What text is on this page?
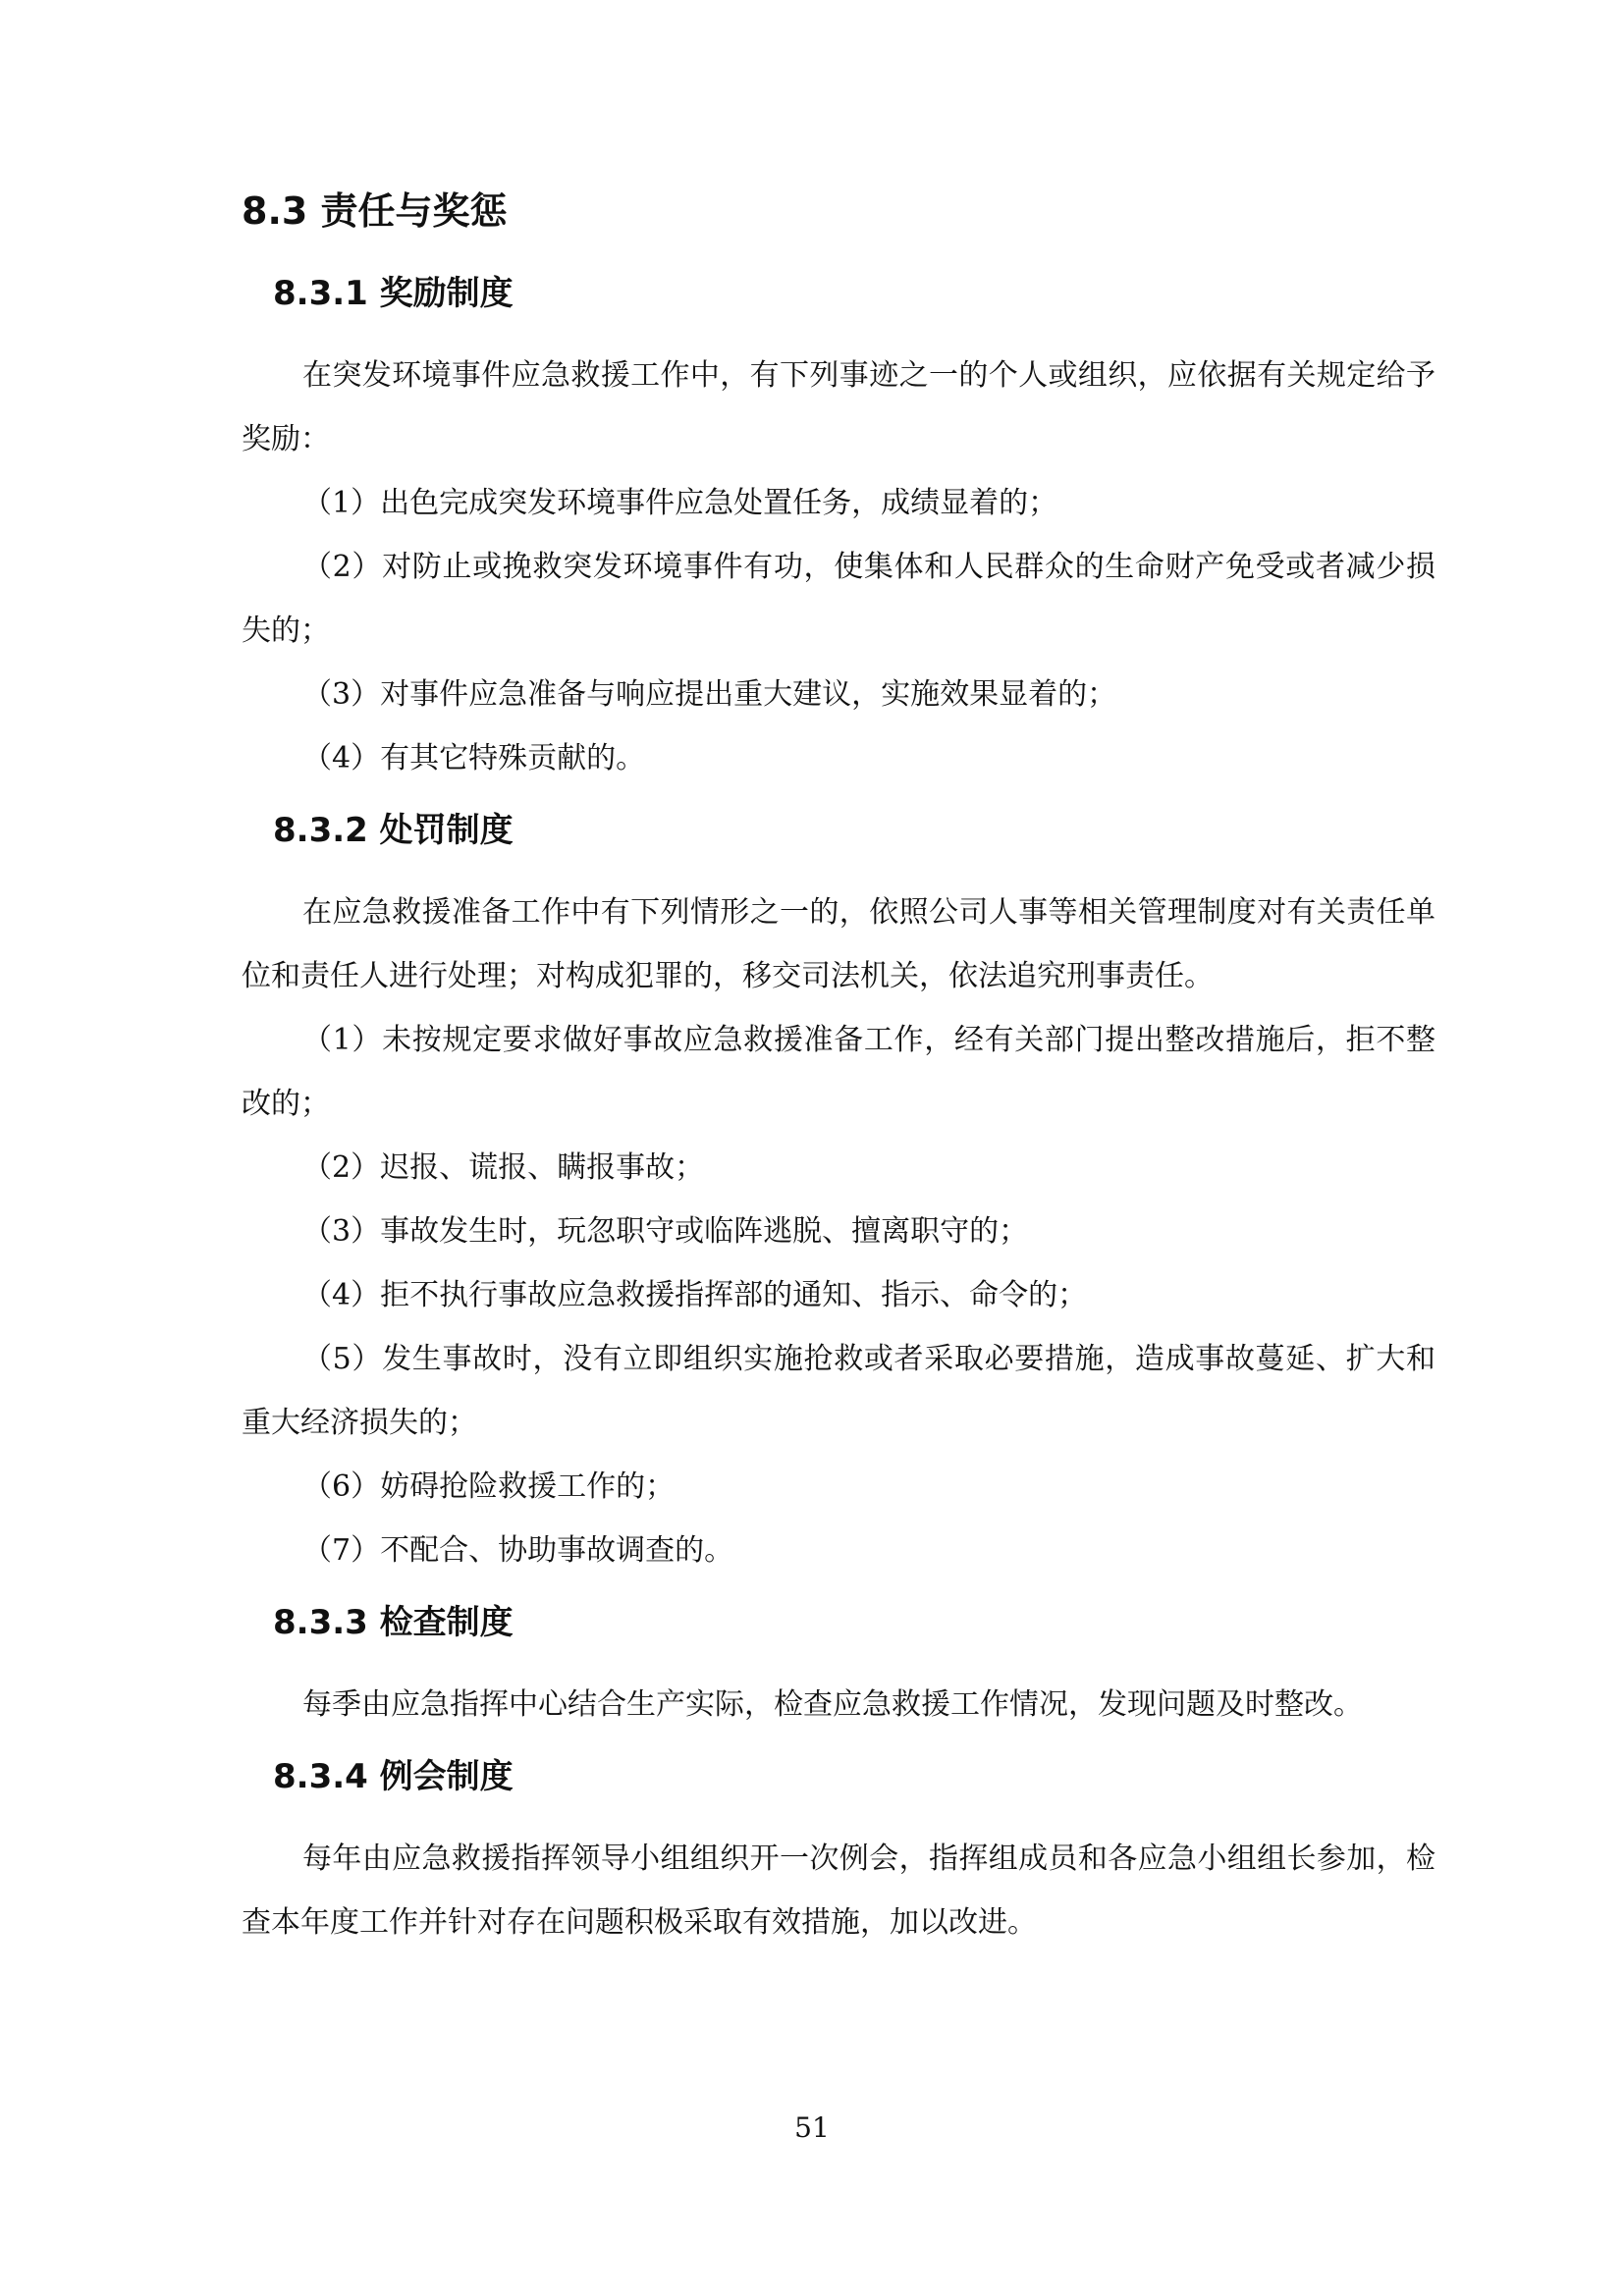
8.3 责任与奖惩
8.3.1 奖励制度

在突发环境事件应急救援工作中，有下列事迹之一的个人或组织，应依据有关规定给予奖励：

（1）出色完成突发环境事件应急处置任务，成绩显着的；

（2）对防止或挽救突发环境事件有功，使集体和人民群众的生命财产免受或者减少损失的；

（3）对事件应急准备与响应提出重大建议，实施效果显着的；

（4）有其它特殊贡献的。

8.3.2 处罚制度

在应急救援准备工作中有下列情形之一的，依照公司人事等相关管理制度对有关责任单位和责任人进行处理；对构成犯罪的，移交司法机关，依法追究刑事责任。

（1）未按规定要求做好事故应急救援准备工作，经有关部门提出整改措施后，拒不整改的；

（2）迟报、谎报、瞒报事故；

（3）事故发生时，玩忽职守或临阵逃脱、擅离职守的；

（4）拒不执行事故应急救援指挥部的通知、指示、命令的；

（5）发生事故时，没有立即组织实施抢救或者采取必要措施，造成事故蔓延、扩大和重大经济损失的；

（6）妨碍抢险救援工作的；

（7）不配合、协助事故调查的。

8.3.3 检查制度

每季由应急指挥中心结合生产实际，检查应急救援工作情况，发现问题及时整改。

8.3.4 例会制度

每年由应急救援指挥领导小组组织开一次例会，指挥组成员和各应急小组组长参加，检查本年度工作并针对存在问题积极采取有效措施，加以改进。

51
